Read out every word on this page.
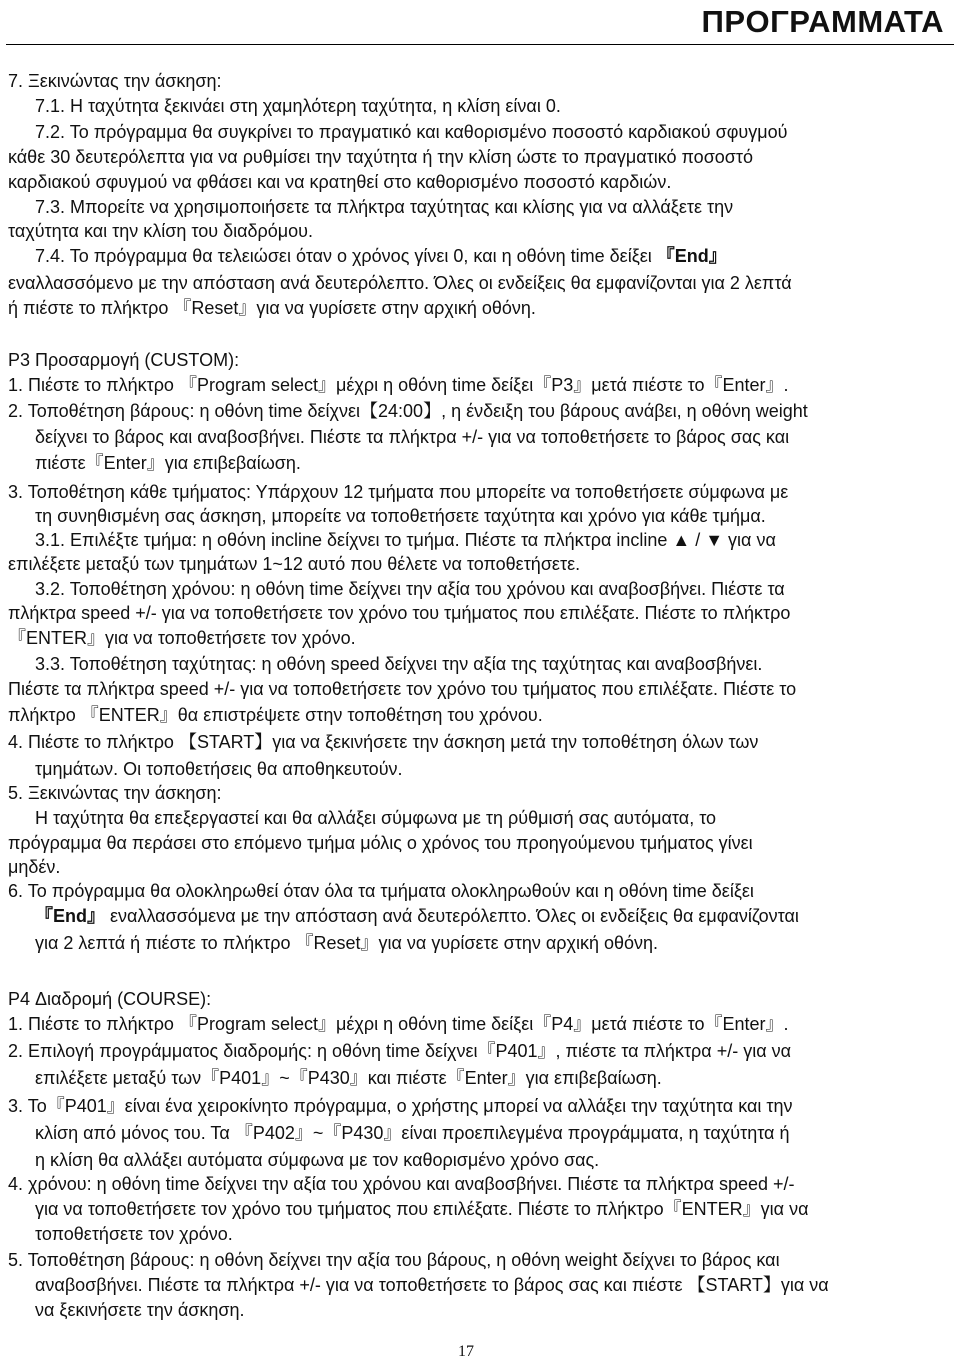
ΠΡΟΓΡΑΜΜΑΤΑ
7. Ξεκινώντας την άσκηση:
7.1. Η ταχύτητα ξεκινάει στη χαμηλότερη ταχύτητα, η κλίση είναι 0.
7.2. Το πρόγραμμα θα συγκρίνει το πραγματικό και καθορισμένο ποσοστό καρδιακού σφυγμού
κάθε 30 δευτερόλεπτα για να ρυθμίσει την ταχύτητα ή την κλίση ώστε το πραγματικό ποσοστό
καρδιακού σφυγμού να φθάσει και να κρατηθεί στο καθορισμένο ποσοστό καρδιών.
7.3. Μπορείτε να χρησιμοποιήσετε τα πλήκτρα ταχύτητας και κλίσης για να αλλάξετε την
ταχύτητα και την κλίση του διαδρόμου.
7.4. Το πρόγραμμα θα τελειώσει όταν ο χρόνος γίνει 0, και η οθόνη time δείξει 『End』
εναλλασσόμενο με την απόσταση ανά δευτερόλεπτο. Όλες οι ενδείξεις θα εμφανίζονται για 2 λεπτά
ή πιέστε το πλήκτρο 『Reset』για να γυρίσετε στην αρχική οθόνη.
P3 Προσαρμογή (CUSTOM):
1. Πιέστε το πλήκτρο 『Program select』μέχρι η οθόνη time δείξει『P3』μετά πιέστε το『Enter』.
2. Τοποθέτηση βάρους: η οθόνη time δείχνει【24:00】, η ένδειξη του βάρους ανάβει, η οθόνη weight
δείχνει το βάρος και αναβοσβήνει. Πιέστε τα πλήκτρα +/- για να τοποθετήσετε το βάρος σας και
πιέστε『Enter』για επιβεβαίωση.
3. Τοποθέτηση κάθε τμήματος: Υπάρχουν 12 τμήματα που μπορείτε να τοποθετήσετε σύμφωνα με
τη συνηθισμένη σας άσκηση, μπορείτε να τοποθετήσετε ταχύτητα και χρόνο για κάθε τμήμα.
3.1. Επιλέξτε τμήμα: η οθόνη incline δείχνει το τμήμα. Πιέστε τα πλήκτρα incline ▲ / ▼ για να
επιλέξετε μεταξύ των τμημάτων 1~12 αυτό που θέλετε να τοποθετήσετε.
3.2. Τοποθέτηση χρόνου: η οθόνη time δείχνει την αξία του χρόνου και αναβοσβήνει. Πιέστε τα
πλήκτρα speed +/- για να τοποθετήσετε τον χρόνο του τμήματος που επιλέξατε. Πιέστε το πλήκτρο
『ENTER』για να τοποθετήσετε τον χρόνο.
3.3. Τοποθέτηση ταχύτητας: η οθόνη speed δείχνει την αξία της ταχύτητας και αναβοσβήνει.
Πιέστε τα πλήκτρα speed +/- για να τοποθετήσετε τον χρόνο του τμήματος που επιλέξατε. Πιέστε το
πλήκτρο 『ENTER』θα επιστρέψετε στην τοποθέτηση του χρόνου.
4. Πιέστε το πλήκτρο 【START】για να ξεκινήσετε την άσκηση μετά την τοποθέτηση όλων των
τμημάτων. Οι τοποθετήσεις θα αποθηκευτούν.
5. Ξεκινώντας την άσκηση:
Η ταχύτητα θα επεξεργαστεί και θα αλλάξει σύμφωνα με τη ρύθμισή σας αυτόματα, το
πρόγραμμα θα περάσει στο επόμενο τμήμα μόλις ο χρόνος του προηγούμενου τμήματος γίνει
μηδέν.
6. Το πρόγραμμα θα ολοκληρωθεί όταν όλα τα τμήματα ολοκληρωθούν και η οθόνη time δείξει
『End』 εναλλασσόμενα με την απόσταση ανά δευτερόλεπτο. Όλες οι ενδείξεις θα εμφανίζονται
για 2 λεπτά ή πιέστε το πλήκτρο 『Reset』για να γυρίσετε στην αρχική οθόνη.
P4 Διαδρομή (COURSE):
1. Πιέστε το πλήκτρο 『Program select』μέχρι η οθόνη time δείξει『P4』μετά πιέστε το『Enter』.
2. Επιλογή προγράμματος διαδρομής: η οθόνη time δείχνει『P401』, πιέστε τα πλήκτρα +/- για να
επιλέξετε μεταξύ των『P401』~『P430』και πιέστε『Enter』για επιβεβαίωση.
3. Το『P401』είναι ένα χειροκίνητο πρόγραμμα, ο χρήστης μπορεί να αλλάξει την ταχύτητα και την
κλίση από μόνος του. Τα 『P402』~『P430』είναι προεπιλεγμένα προγράμματα, η ταχύτητα ή
η κλίση θα αλλάξει αυτόματα σύμφωνα με τον καθορισμένο χρόνο σας.
4. χρόνου: η οθόνη time δείχνει την αξία του χρόνου και αναβοσβήνει. Πιέστε τα πλήκτρα speed +/-
για να τοποθετήσετε τον χρόνο του τμήματος που επιλέξατε. Πιέστε το πλήκτρο『ENTER』για να
τοποθετήσετε τον χρόνο.
5. Τοποθέτηση βάρους: η οθόνη δείχνει την αξία του βάρους, η οθόνη weight δείχνει το βάρος και
αναβοσβήνει. Πιέστε τα πλήκτρα +/- για να τοποθετήσετε το βάρος σας και πιέστε 【START】για να
να ξεκινήσετε την άσκηση.
17
